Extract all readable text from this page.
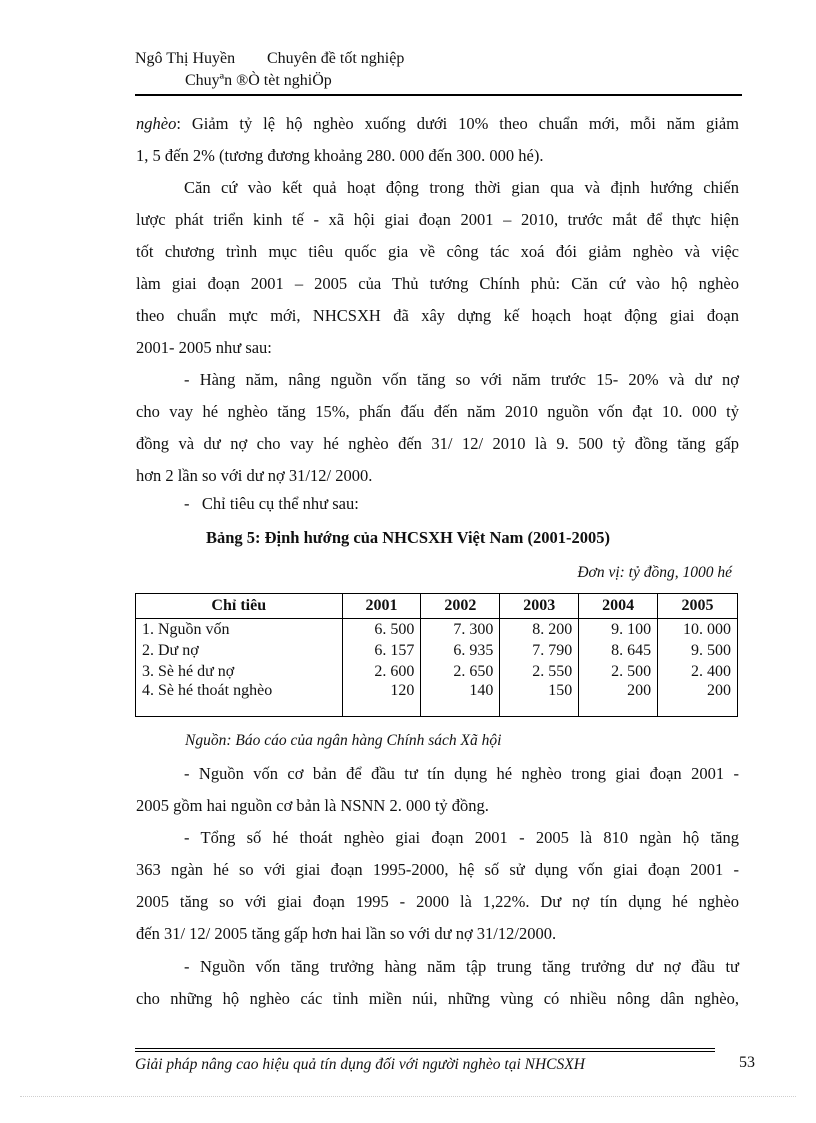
Ngô Thị Huyền Chuyên đề tốt nghiệp
Chuyªn ®Ò tèt nghiÖp
nghèo: Giảm tỷ lệ hộ nghèo xuống dưới 10% theo chuẩn mới, mỗi năm giảm
1, 5 đến 2% (tương đương khoảng 280. 000 đến 300. 000 hé).
Căn cứ vào kết quả hoạt động trong thời gian qua và định hướng chiến
lược phát triển kinh tế - xã hội giai đoạn 2001 – 2010, trước mắt để thực hiện
tốt chương trình mục tiêu quốc gia về công tác xoá đói giảm nghèo và việc
làm giai đoạn 2001 – 2005 của Thủ tướng Chính phủ: Căn cứ vào hộ nghèo
theo chuẩn mực mới, NHCSXH đã xây dựng kế hoạch hoạt động giai đoạn
2001- 2005 như sau:
- Hàng năm, nâng nguồn vốn tăng so với năm trước 15- 20% và dư nợ
cho vay hé nghèo tăng 15%, phấn đấu đến năm 2010 nguồn vốn đạt 10. 000 tỷ
đồng và dư nợ cho vay hé nghèo đến 31/ 12/ 2010 là 9. 500 tỷ đồng tăng gấp
hơn 2 lần so với dư nợ 31/12/ 2000.
-   Chỉ tiêu cụ thể như sau:
Bảng 5: Định hướng của NHCSXH Việt Nam (2001-2005)
Đơn vị: tỷ đồng, 1000 hé
Chỉ tiêu	2001	2002	2003	2004	2005
1. Nguồn vốn	6. 500	7. 300	8. 200	9. 100	10. 000
2. Dư nợ	6. 157	6. 935	7. 790	8. 645	9. 500
3. Sè hé dư nợ	2. 600	2. 650	2. 550	2. 500	2. 400
4. Sè hé thoát nghèo	120	140	150	200	200
Nguồn: Báo cáo của ngân hàng Chính sách Xã hội
- Nguồn vốn cơ bản để đầu tư tín dụng hé nghèo trong giai đoạn 2001 -
2005 gồm hai nguồn cơ bản là NSNN 2. 000 tỷ đồng.
- Tổng số hé thoát nghèo giai đoạn 2001 - 2005 là 810 ngàn hộ tăng
363 ngàn hé so với giai đoạn 1995-2000, hệ số sử dụng vốn giai đoạn 2001 -
2005 tăng so với giai đoạn 1995 - 2000 là 1,22%. Dư nợ tín dụng hé nghèo
đến 31/ 12/ 2005 tăng gấp hơn hai lần so với dư nợ 31/12/2000.
- Nguồn vốn tăng trưởng hàng năm tập trung tăng trưởng dư nợ đầu tư
cho những hộ nghèo các tỉnh miền núi, những vùng có nhiều nông dân nghèo,
Giải pháp nâng cao hiệu quả tín dụng đối với người nghèo tại NHCSXH	53
